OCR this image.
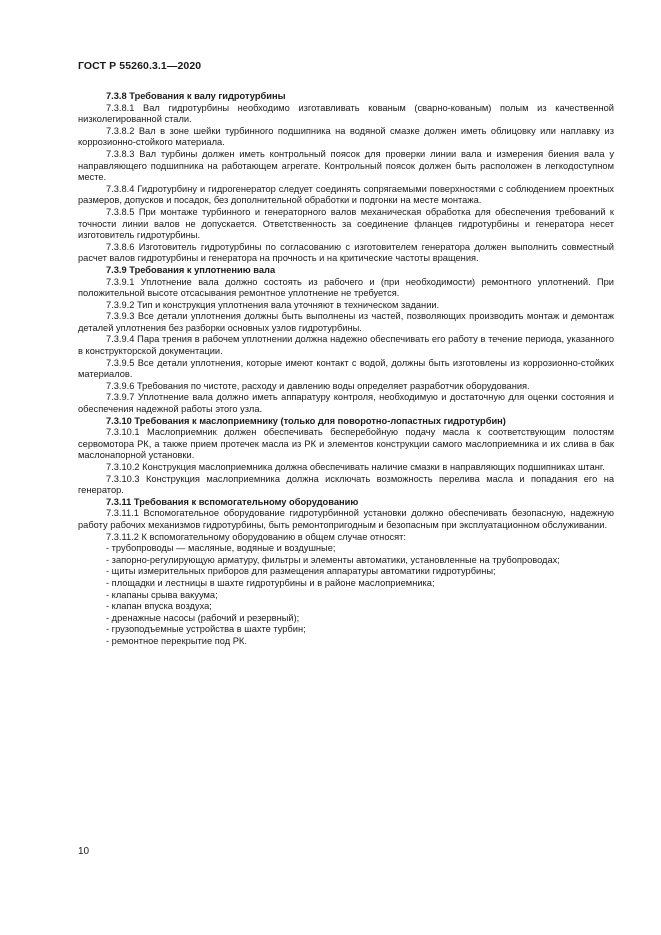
ГОСТ Р 55260.3.1—2020
7.3.8 Требования к валу гидротурбины
7.3.8.1 Вал гидротурбины необходимо изготавливать кованым (сварно-кованым) полым из качественной низколегированной стали.
7.3.8.2 Вал в зоне шейки турбинного подшипника на водяной смазке должен иметь облицовку или наплавку из коррозионно-стойкого материала.
7.3.8.3 Вал турбины должен иметь контрольный поясок для проверки линии вала и измерения биения вала у направляющего подшипника на работающем агрегате. Контрольный поясок должен быть расположен в легкодоступном месте.
7.3.8.4 Гидротурбину и гидрогенератор следует соединять сопрягаемыми поверхностями с соблюдением проектных размеров, допусков и посадок, без дополнительной обработки и подгонки на месте монтажа.
7.3.8.5 При монтаже турбинного и генераторного валов механическая обработка для обеспечения требований к точности линии валов не допускается. Ответственность за соединение фланцев гидротурбины и генератора несет изготовитель гидротурбины.
7.3.8.6 Изготовитель гидротурбины по согласованию с изготовителем генератора должен выполнить совместный расчет валов гидротурбины и генератора на прочность и на критические частоты вращения.
7.3.9 Требования к уплотнению вала
7.3.9.1 Уплотнение вала должно состоять из рабочего и (при необходимости) ремонтного уплотнений. При положительной высоте отсасывания ремонтное уплотнение не требуется.
7.3.9.2 Тип и конструкция уплотнения вала уточняют в техническом задании.
7.3.9.3 Все детали уплотнения должны быть выполнены из частей, позволяющих производить монтаж и демонтаж деталей уплотнения без разборки основных узлов гидротурбины.
7.3.9.4 Пара трения в рабочем уплотнении должна надежно обеспечивать его работу в течение периода, указанного в конструкторской документации.
7.3.9.5 Все детали уплотнения, которые имеют контакт с водой, должны быть изготовлены из коррозионно-стойких материалов.
7.3.9.6 Требования по чистоте, расходу и давлению воды определяет разработчик оборудования.
7.3.9.7 Уплотнение вала должно иметь аппаратуру контроля, необходимую и достаточную для оценки состояния и обеспечения надежной работы этого узла.
7.3.10 Требования к маслоприемнику (только для поворотно-лопастных гидротурбин)
7.3.10.1 Маслоприемник должен обеспечивать бесперебойную подачу масла к соответствующим полостям сервомотора РК, а также прием протечек масла из РК и элементов конструкции самого маслоприемника и их слива в бак маслонапорной установки.
7.3.10.2 Конструкция маслоприемника должна обеспечивать наличие смазки в направляющих подшипниках штанг.
7.3.10.3 Конструкция маслоприемника должна исключать возможность перелива масла и попадания его на генератор.
7.3.11 Требования к вспомогательному оборудованию
7.3.11.1 Вспомогательное оборудование гидротурбинной установки должно обеспечивать безопасную, надежную работу рабочих механизмов гидротурбины, быть ремонтопригодным и безопасным при эксплуатационном обслуживании.
7.3.11.2 К вспомогательному оборудованию в общем случае относят:
- трубопроводы — масляные, водяные и воздушные;
- запорно-регулирующую арматуру, фильтры и элементы автоматики, установленные на трубопроводах;
- щиты измерительных приборов для размещения аппаратуры автоматики гидротурбины;
- площадки и лестницы в шахте гидротурбины и в районе маслоприемника;
- клапаны срыва вакуума;
- клапан впуска воздуха;
- дренажные насосы (рабочий и резервный);
- грузоподъемные устройства в шахте турбин;
- ремонтное перекрытие под РК.
10
